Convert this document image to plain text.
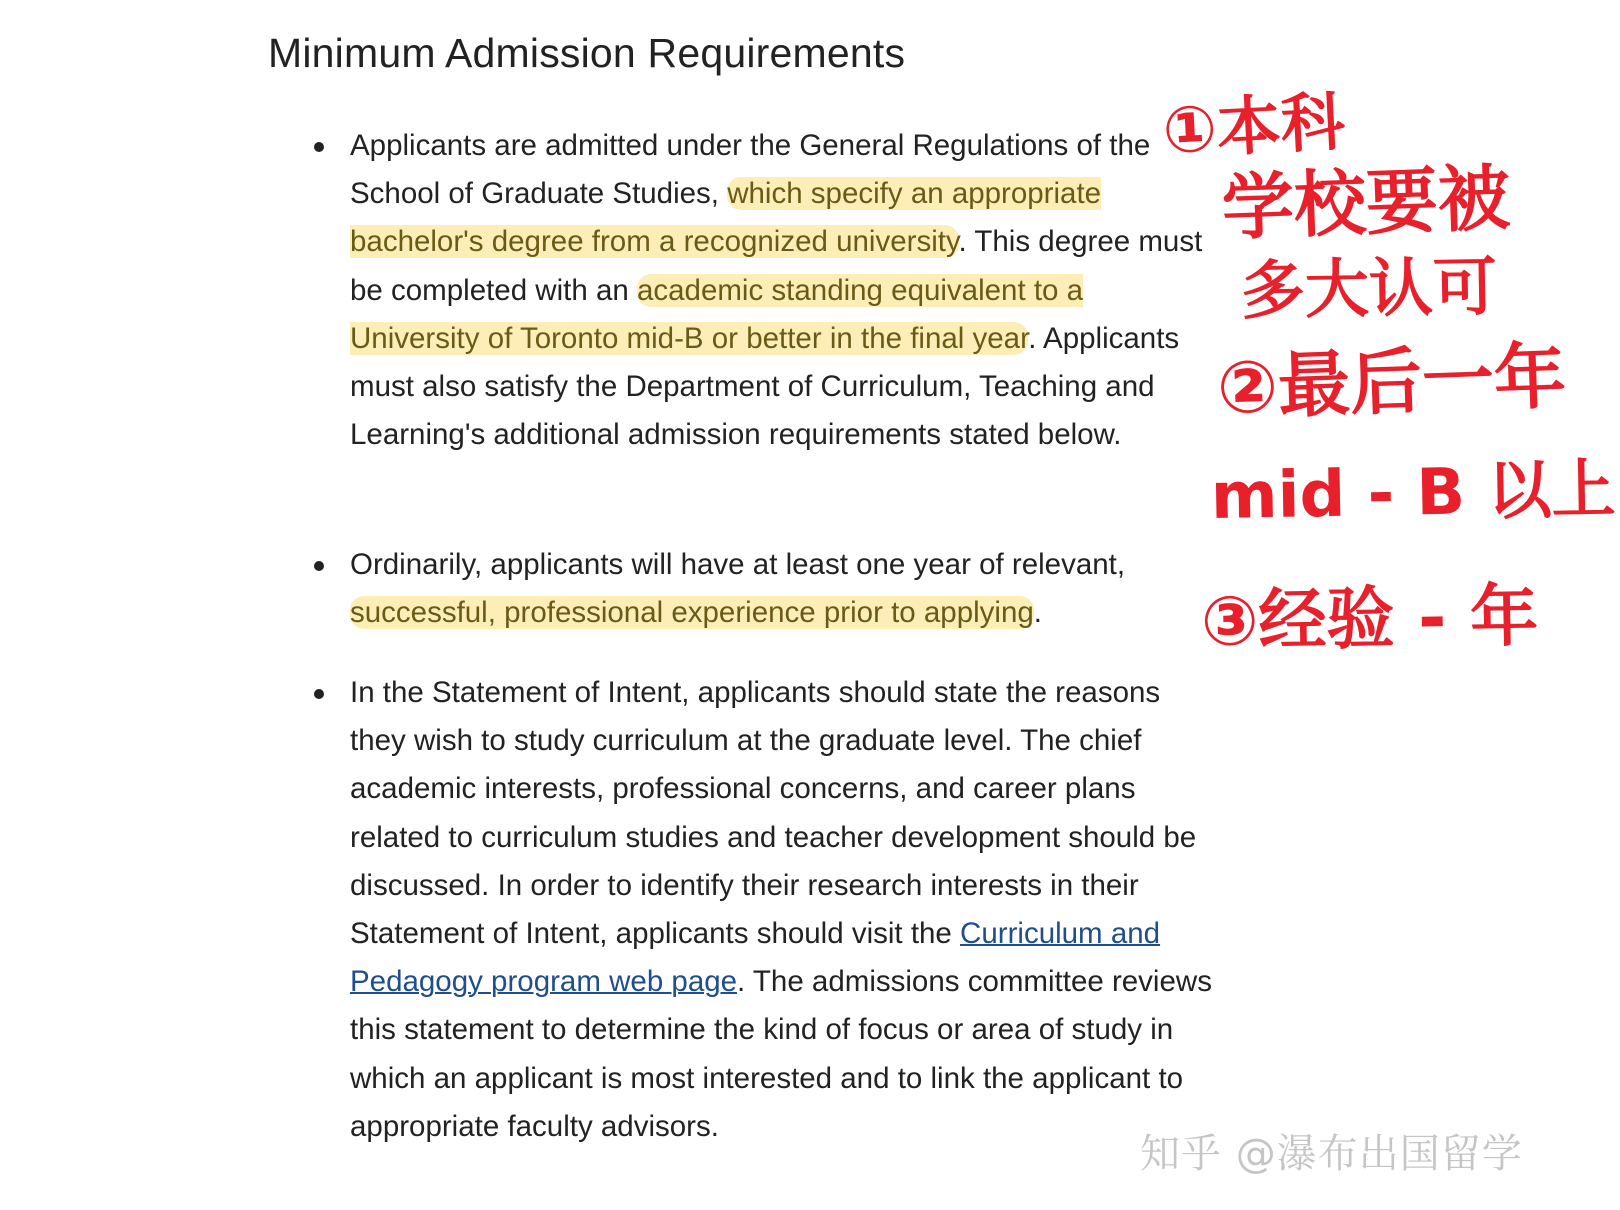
Minimum Admission Requirements
Applicants are admitted under the General Regulations of the School of Graduate Studies, which specify an appropriate bachelor's degree from a recognized university. This degree must be completed with an academic standing equivalent to a University of Toronto mid-B or better in the final year. Applicants must also satisfy the Department of Curriculum, Teaching and Learning's additional admission requirements stated below.
Ordinarily, applicants will have at least one year of relevant, successful, professional experience prior to applying.
In the Statement of Intent, applicants should state the reasons they wish to study curriculum at the graduate level. The chief academic interests, professional concerns, and career plans related to curriculum studies and teacher development should be discussed. In order to identify their research interests in their Statement of Intent, applicants should visit the Curriculum and Pedagogy program web page. The admissions committee reviews this statement to determine the kind of focus or area of study in which an applicant is most interested and to link the applicant to appropriate faculty advisors.
①本科
学校要被
多大认可
②最后一年
mid - B 以上
③经验 - 年
知乎 @瀑布出国留学
